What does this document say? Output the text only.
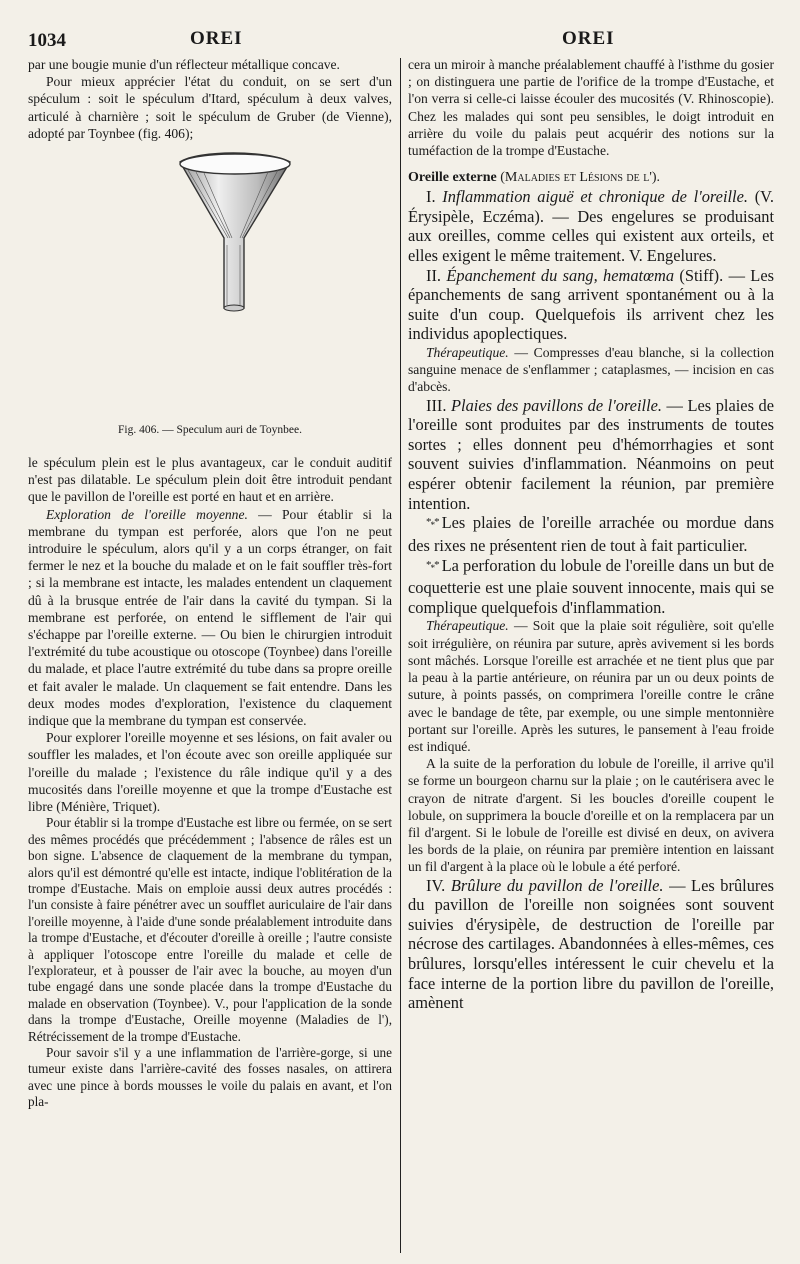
1034	OREI	OREI

par une bougie munie d'un réflecteur métallique concave.

Pour mieux apprécier l'état du conduit, on se sert d'un spéculum : soit le spéculum d'Itard, spéculum à deux valves, articulé à charnière ; soit le spéculum de Gruber (de Vienne), adopté par Toynbee (fig. 406);

Fig. 406. — Speculum auri de Toynbee.

le spéculum plein est le plus avantageux, car le conduit auditif n'est pas dilatable. Le spéculum plein doit être introduit pendant que le pavillon de l'oreille est porté en haut et en arrière.

Exploration de l'oreille moyenne. — Pour établir si la membrane du tympan est perforée, alors que l'on ne peut introduire le spéculum, alors qu'il y a un corps étranger, on fait fermer le nez et la bouche du malade et on le fait souffler très-fort ; si la membrane est intacte, les malades entendent un claquement dû à la brusque entrée de l'air dans la cavité du tympan. Si la membrane est perforée, on entend le sifflement de l'air qui s'échappe par l'oreille externe. — Ou bien le chirurgien introduit l'extrémité du tube acoustique ou otoscope (Toynbee) dans l'oreille du malade, et place l'autre extrémité du tube dans sa propre oreille et fait avaler le malade. Un claquement se fait entendre. Dans les deux modes modes d'exploration, l'existence du claquement indique que la membrane du tympan est conservée.

Pour explorer l'oreille moyenne et ses lésions, on fait avaler ou souffler les malades, et l'on écoute avec son oreille appliquée sur l'oreille du malade ; l'existence du râle indique qu'il y a des mucosités dans l'oreille moyenne et que la trompe d'Eustache est libre (Ménière, Triquet).

Pour établir si la trompe d'Eustache est libre ou fermée, on se sert des mêmes procédés que précédemment ; l'absence de râles est un bon signe. L'absence de claquement de la membrane du tympan, alors qu'il est démontré qu'elle est intacte, indique l'oblitération de la trompe d'Eustache. Mais on emploie aussi deux autres procédés : l'un consiste à faire pénétrer avec un soufflet auriculaire de l'air dans l'oreille moyenne, à l'aide d'une sonde préalablement introduite dans la trompe d'Eustache, et d'écouter d'oreille à oreille ; l'autre consiste à appliquer l'otoscope entre l'oreille du malade et celle de l'explorateur, et à pousser de l'air avec la bouche, au moyen d'un tube engagé dans une sonde placée dans la trompe d'Eustache du malade en observation (Toynbee). V., pour l'application de la sonde dans la trompe d'Eustache, Oreille moyenne (Maladies de l'), Rétrécissement de la trompe d'Eustache.

Pour savoir s'il y a une inflammation de l'arrière-gorge, si une tumeur existe dans l'arrière-cavité des fosses nasales, on attirera avec une pince à bords mousses le voile du palais en avant, et l'on pla-

cera un miroir à manche préalablement chauffé à l'isthme du gosier ; on distinguera une partie de l'orifice de la trompe d'Eustache, et l'on verra si celle-ci laisse écouler des mucosités (V. Rhinoscopie). Chez les malades qui sont peu sensibles, le doigt introduit en arrière du voile du palais peut acquérir des notions sur la tuméfaction de la trompe d'Eustache.

Oreille externe (Maladies et Lésions de l').

I. Inflammation aiguë et chronique de l'oreille. (V. Érysipèle, Eczéma). — Des engelures se produisant aux oreilles, comme celles qui existent aux orteils, et elles exigent le même traitement. V. Engelures.

II. Épanchement du sang, hematœma (Stiff). — Les épanchements de sang arrivent spontanément ou à la suite d'un coup. Quelquefois ils arrivent chez les individus apoplectiques.

Thérapeutique. — Compresses d'eau blanche, si la collection sanguine menace de s'enflammer ; cataplasmes, — incision en cas d'abcès.

III. Plaies des pavillons de l'oreille. — Les plaies de l'oreille sont produites par des instruments de toutes sortes ; elles donnent peu d'hémorrhagies et sont souvent suivies d'inflammation. Néanmoins on peut espérer obtenir facilement la réunion, par première intention.

$*_**$ Les plaies de l'oreille arrachée ou mordue dans des rixes ne présentent rien de tout à fait particulier.

$*_**$ La perforation du lobule de l'oreille dans un but de coquetterie est une plaie souvent innocente, mais qui se complique quelquefois d'inflammation.

Thérapeutique. — Soit que la plaie soit régulière, soit qu'elle soit irrégulière, on réunira par suture, après avivement si les bords sont mâchés. Lorsque l'oreille est arrachée et ne tient plus que par la peau à la partie antérieure, on réunira par un ou deux points de suture, à points passés, on comprimera l'oreille contre le crâne avec le bandage de tête, par exemple, ou une simple mentonnière portant sur l'oreille. Après les sutures, le pansement à l'eau froide est indiqué.

A la suite de la perforation du lobule de l'oreille, il arrive qu'il se forme un bourgeon charnu sur la plaie ; on le cautérisera avec le crayon de nitrate d'argent. Si les boucles d'oreille coupent le lobule, on supprimera la boucle d'oreille et on la remplacera par un fil d'argent. Si le lobule de l'oreille est divisé en deux, on avivera les bords de la plaie, on réunira par première intention en laissant un fil d'argent à la place où le lobule a été perforé.

IV. Brûlure du pavillon de l'oreille. — Les brûlures du pavillon de l'oreille non soignées sont souvent suivies d'érysipèle, de destruction de l'oreille par nécrose des cartilages. Abandonnées à elles-mêmes, ces brûlures, lorsqu'elles intéressent le cuir chevelu et la face interne de la portion libre du pavillon de l'oreille, amènent
